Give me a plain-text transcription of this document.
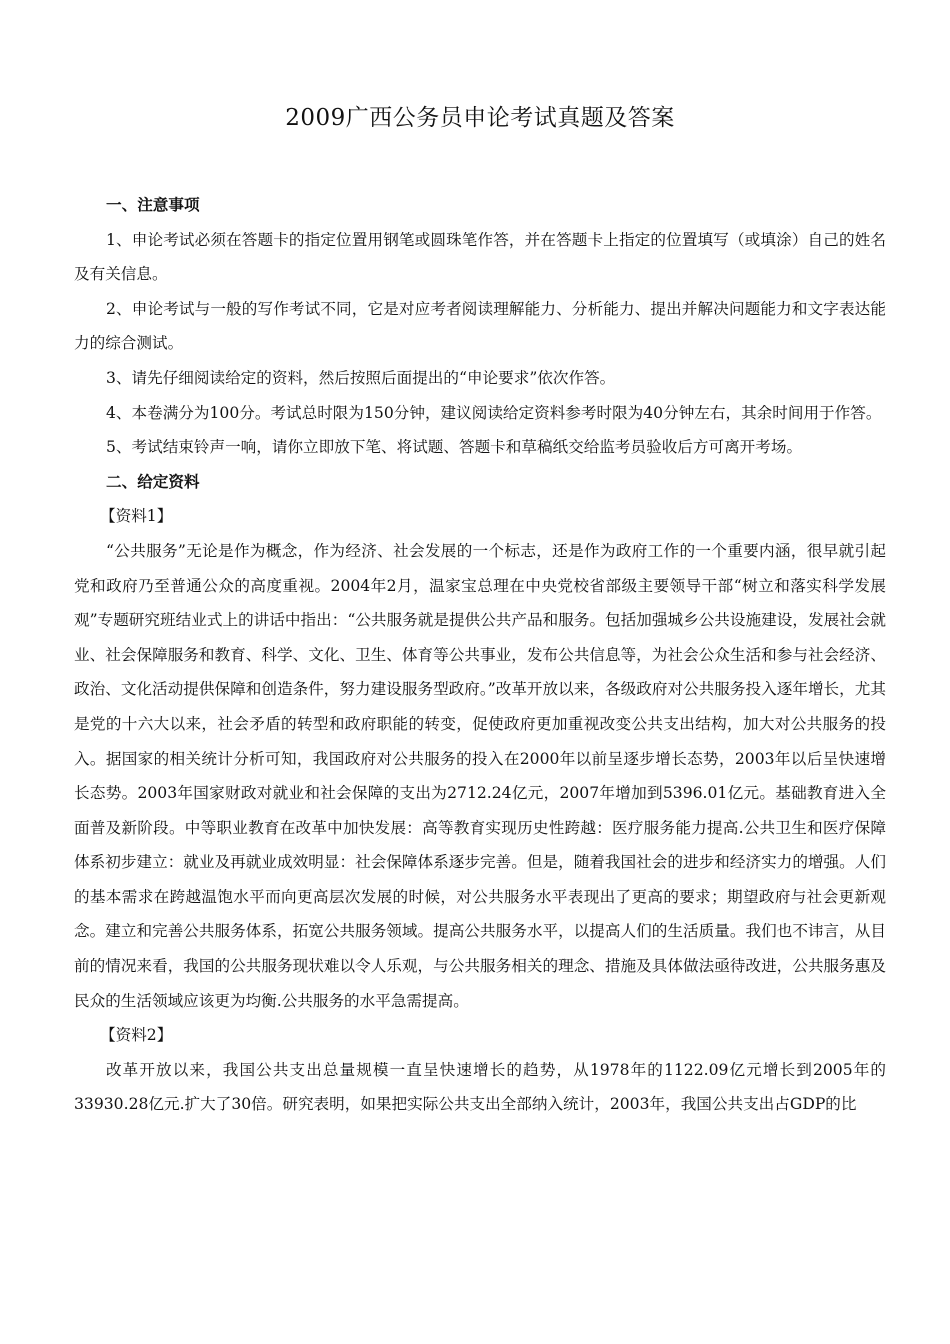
2009广西公务员申论考试真题及答案

一、注意事项

1、申论考试必须在答题卡的指定位置用钢笔或圆珠笔作答，并在答题卡上指定的位置填写（或填涂）自己的姓名及有关信息。

2、申论考试与一般的写作考试不同，它是对应考者阅读理解能力、分析能力、提出并解决问题能力和文字表达能力的综合测试。

3、请先仔细阅读给定的资料，然后按照后面提出的“申论要求”依次作答。

4、本卷满分为100分。考试总时限为150分钟，建议阅读给定资料参考时限为40分钟左右，其余时间用于作答。

5、考试结束铃声一响，请你立即放下笔、将试题、答题卡和草稿纸交给监考员验收后方可离开考场。

二、给定资料

【资料1】

“公共服务”无论是作为概念，作为经济、社会发展的一个标志，还是作为政府工作的一个重要内涵，很早就引起党和政府乃至普通公众的高度重视。2004年2月，温家宝总理在中央党校省部级主要领导干部“树立和落实科学发展观”专题研究班结业式上的讲话中指出：“公共服务就是提供公共产品和服务。包括加强城乡公共设施建设，发展社会就业、社会保障服务和教育、科学、文化、卫生、体育等公共事业，发布公共信息等，为社会公众生活和参与社会经济、政治、文化活动提供保障和创造条件，努力建设服务型政府。”改革开放以来，各级政府对公共服务投入逐年增长，尤其是党的十六大以来，社会矛盾的转型和政府职能的转变，促使政府更加重视改变公共支出结构，加大对公共服务的投入。据国家的相关统计分析可知，我国政府对公共服务的投入在2000年以前呈逐步增长态势，2003年以后呈快速增长态势。2003年国家财政对就业和社会保障的支出为2712.24亿元，2007年增加到5396.01亿元。基础教育进入全面普及新阶段。中等职业教育在改革中加快发展：高等教育实现历史性跨越：医疗服务能力提高.公共卫生和医疗保障体系初步建立：就业及再就业成效明显：社会保障体系逐步完善。但是，随着我国社会的进步和经济实力的增强。人们的基本需求在跨越温饱水平而向更高层次发展的时候，对公共服务水平表现出了更高的要求；期望政府与社会更新观念。建立和完善公共服务体系，拓宽公共服务领域。提高公共服务水平，以提高人们的生活质量。我们也不讳言，从目前的情况来看，我国的公共服务现状难以令人乐观，与公共服务相关的理念、措施及具体做法亟待改进，公共服务惠及民众的生活领域应该更为均衡.公共服务的水平急需提高。

【资料2】

改革开放以来，我国公共支出总量规模一直呈快速增长的趋势，从1978年的1122.09亿元增长到2005年的33930.28亿元.扩大了30倍。研究表明，如果把实际公共支出全部纳入统计，2003年，我国公共支出占GDP的比
